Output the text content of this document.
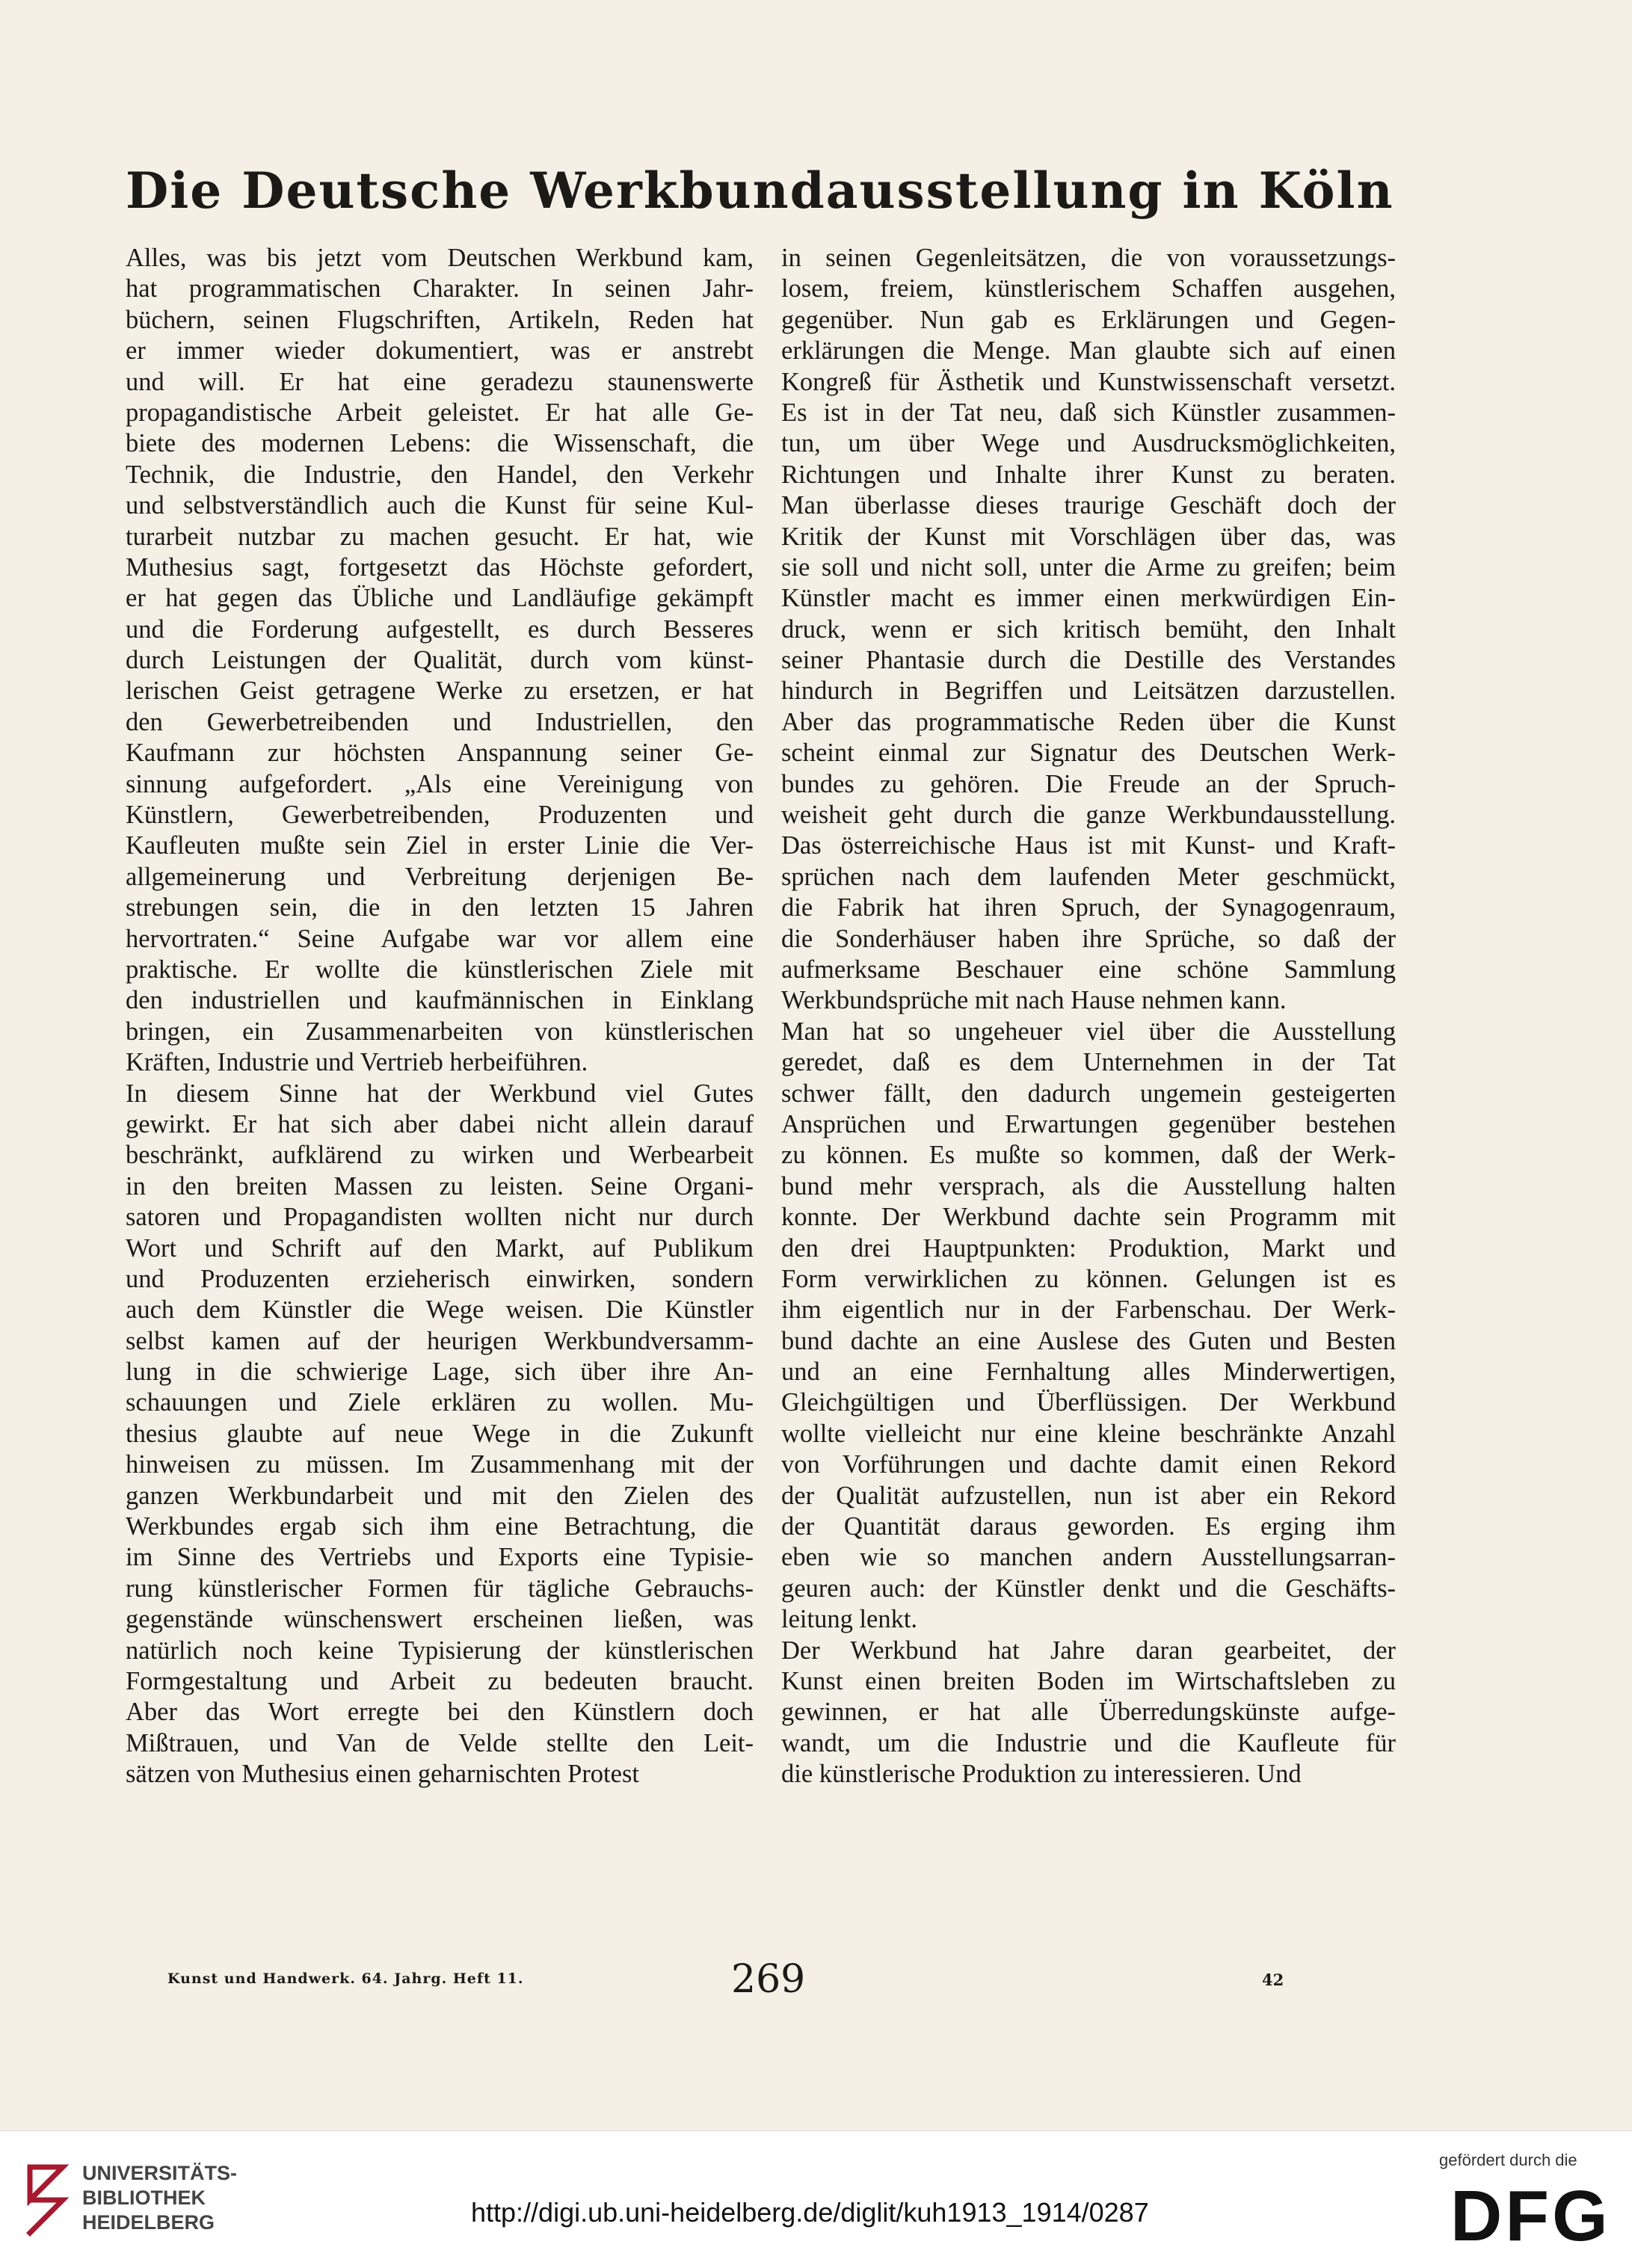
Die Deutsche Werkbundausstellung in Köln
Alles, was bis jetzt vom Deutschen Werkbund kam,
hat programmatischen Charakter. In seinen Jahr-
büchern, seinen Flugschriften, Artikeln, Reden hat
er immer wieder dokumentiert, was er anstrebt
und will. Er hat eine geradezu staunenswerte
propagandistische Arbeit geleistet. Er hat alle Ge-
biete des modernen Lebens: die Wissenschaft, die
Technik, die Industrie, den Handel, den Verkehr
und selbstverständlich auch die Kunst für seine Kul-
turarbeit nutzbar zu machen gesucht. Er hat, wie
Muthesius sagt, fortgesetzt das Höchste gefordert,
er hat gegen das Übliche und Landläufige gekämpft
und die Forderung aufgestellt, es durch Besseres
durch Leistungen der Qualität, durch vom künst-
lerischen Geist getragene Werke zu ersetzen, er hat
den Gewerbetreibenden und Industriellen, den
Kaufmann zur höchsten Anspannung seiner Ge-
sinnung aufgefordert. „Als eine Vereinigung von
Künstlern, Gewerbetreibenden, Produzenten und
Kaufleuten mußte sein Ziel in erster Linie die Ver-
allgemeinerung und Verbreitung derjenigen Be-
strebungen sein, die in den letzten 15 Jahren
hervortraten.“ Seine Aufgabe war vor allem eine
praktische. Er wollte die künstlerischen Ziele mit
den industriellen und kaufmännischen in Einklang
bringen, ein Zusammenarbeiten von künstlerischen
Kräften, Industrie und Vertrieb herbeiführen.
In diesem Sinne hat der Werkbund viel Gutes
gewirkt. Er hat sich aber dabei nicht allein darauf
beschränkt, aufklärend zu wirken und Werbearbeit
in den breiten Massen zu leisten. Seine Organi-
satoren und Propagandisten wollten nicht nur durch
Wort und Schrift auf den Markt, auf Publikum
und Produzenten erzieherisch einwirken, sondern
auch dem Künstler die Wege weisen. Die Künstler
selbst kamen auf der heurigen Werkbundversamm-
lung in die schwierige Lage, sich über ihre An-
schauungen und Ziele erklären zu wollen. Mu-
thesius glaubte auf neue Wege in die Zukunft
hinweisen zu müssen. Im Zusammenhang mit der
ganzen Werkbundarbeit und mit den Zielen des
Werkbundes ergab sich ihm eine Betrachtung, die
im Sinne des Vertriebs und Exports eine Typisie-
rung künstlerischer Formen für tägliche Gebrauchs-
gegenstände wünschenswert erscheinen ließen, was
natürlich noch keine Typisierung der künstlerischen
Formgestaltung und Arbeit zu bedeuten braucht.
Aber das Wort erregte bei den Künstlern doch
Mißtrauen, und Van de Velde stellte den Leit-
sätzen von Muthesius einen geharnischten Protest
in seinen Gegenleitsätzen, die von voraussetzungs-
losem, freiem, künstlerischem Schaffen ausgehen,
gegenüber. Nun gab es Erklärungen und Gegen-
erklärungen die Menge. Man glaubte sich auf einen
Kongreß für Ästhetik und Kunstwissenschaft versetzt.
Es ist in der Tat neu, daß sich Künstler zusammen-
tun, um über Wege und Ausdrucksmöglichkeiten,
Richtungen und Inhalte ihrer Kunst zu beraten.
Man überlasse dieses traurige Geschäft doch der
Kritik der Kunst mit Vorschlägen über das, was
sie soll und nicht soll, unter die Arme zu greifen; beim
Künstler macht es immer einen merkwürdigen Ein-
druck, wenn er sich kritisch bemüht, den Inhalt
seiner Phantasie durch die Destille des Verstandes
hindurch in Begriffen und Leitsätzen darzustellen.
Aber das programmatische Reden über die Kunst
scheint einmal zur Signatur des Deutschen Werk-
bundes zu gehören. Die Freude an der Spruch-
weisheit geht durch die ganze Werkbundausstellung.
Das österreichische Haus ist mit Kunst- und Kraft-
sprüchen nach dem laufenden Meter geschmückt,
die Fabrik hat ihren Spruch, der Synagogenraum,
die Sonderhäuser haben ihre Sprüche, so daß der
aufmerksame Beschauer eine schöne Sammlung
Werkbundsprüche mit nach Hause nehmen kann.
Man hat so ungeheuer viel über die Ausstellung
geredet, daß es dem Unternehmen in der Tat
schwer fällt, den dadurch ungemein gesteigerten
Ansprüchen und Erwartungen gegenüber bestehen
zu können. Es mußte so kommen, daß der Werk-
bund mehr versprach, als die Ausstellung halten
konnte. Der Werkbund dachte sein Programm mit
den drei Hauptpunkten: Produktion, Markt und
Form verwirklichen zu können. Gelungen ist es
ihm eigentlich nur in der Farbenschau. Der Werk-
bund dachte an eine Auslese des Guten und Besten
und an eine Fernhaltung alles Minderwertigen,
Gleichgültigen und Überflüssigen. Der Werkbund
wollte vielleicht nur eine kleine beschränkte Anzahl
von Vorführungen und dachte damit einen Rekord
der Qualität aufzustellen, nun ist aber ein Rekord
der Quantität daraus geworden. Es erging ihm
eben wie so manchen andern Ausstellungsarran-
geuren auch: der Künstler denkt und die Geschäfts-
leitung lenkt.
Der Werkbund hat Jahre daran gearbeitet, der
Kunst einen breiten Boden im Wirtschaftsleben zu
gewinnen, er hat alle Überredungskünste aufge-
wandt, um die Industrie und die Kaufleute für
die künstlerische Produktion zu interessieren. Und
Kunst und Handwerk. 64. Jahrg. Heft 11.	269	42
UNIVERSITÄTS-
BIBLIOTHEK
HEIDELBERG	http://digi.ub.uni-heidelberg.de/diglit/kuh1913_1914/0287
gefördert durch die
DFG
